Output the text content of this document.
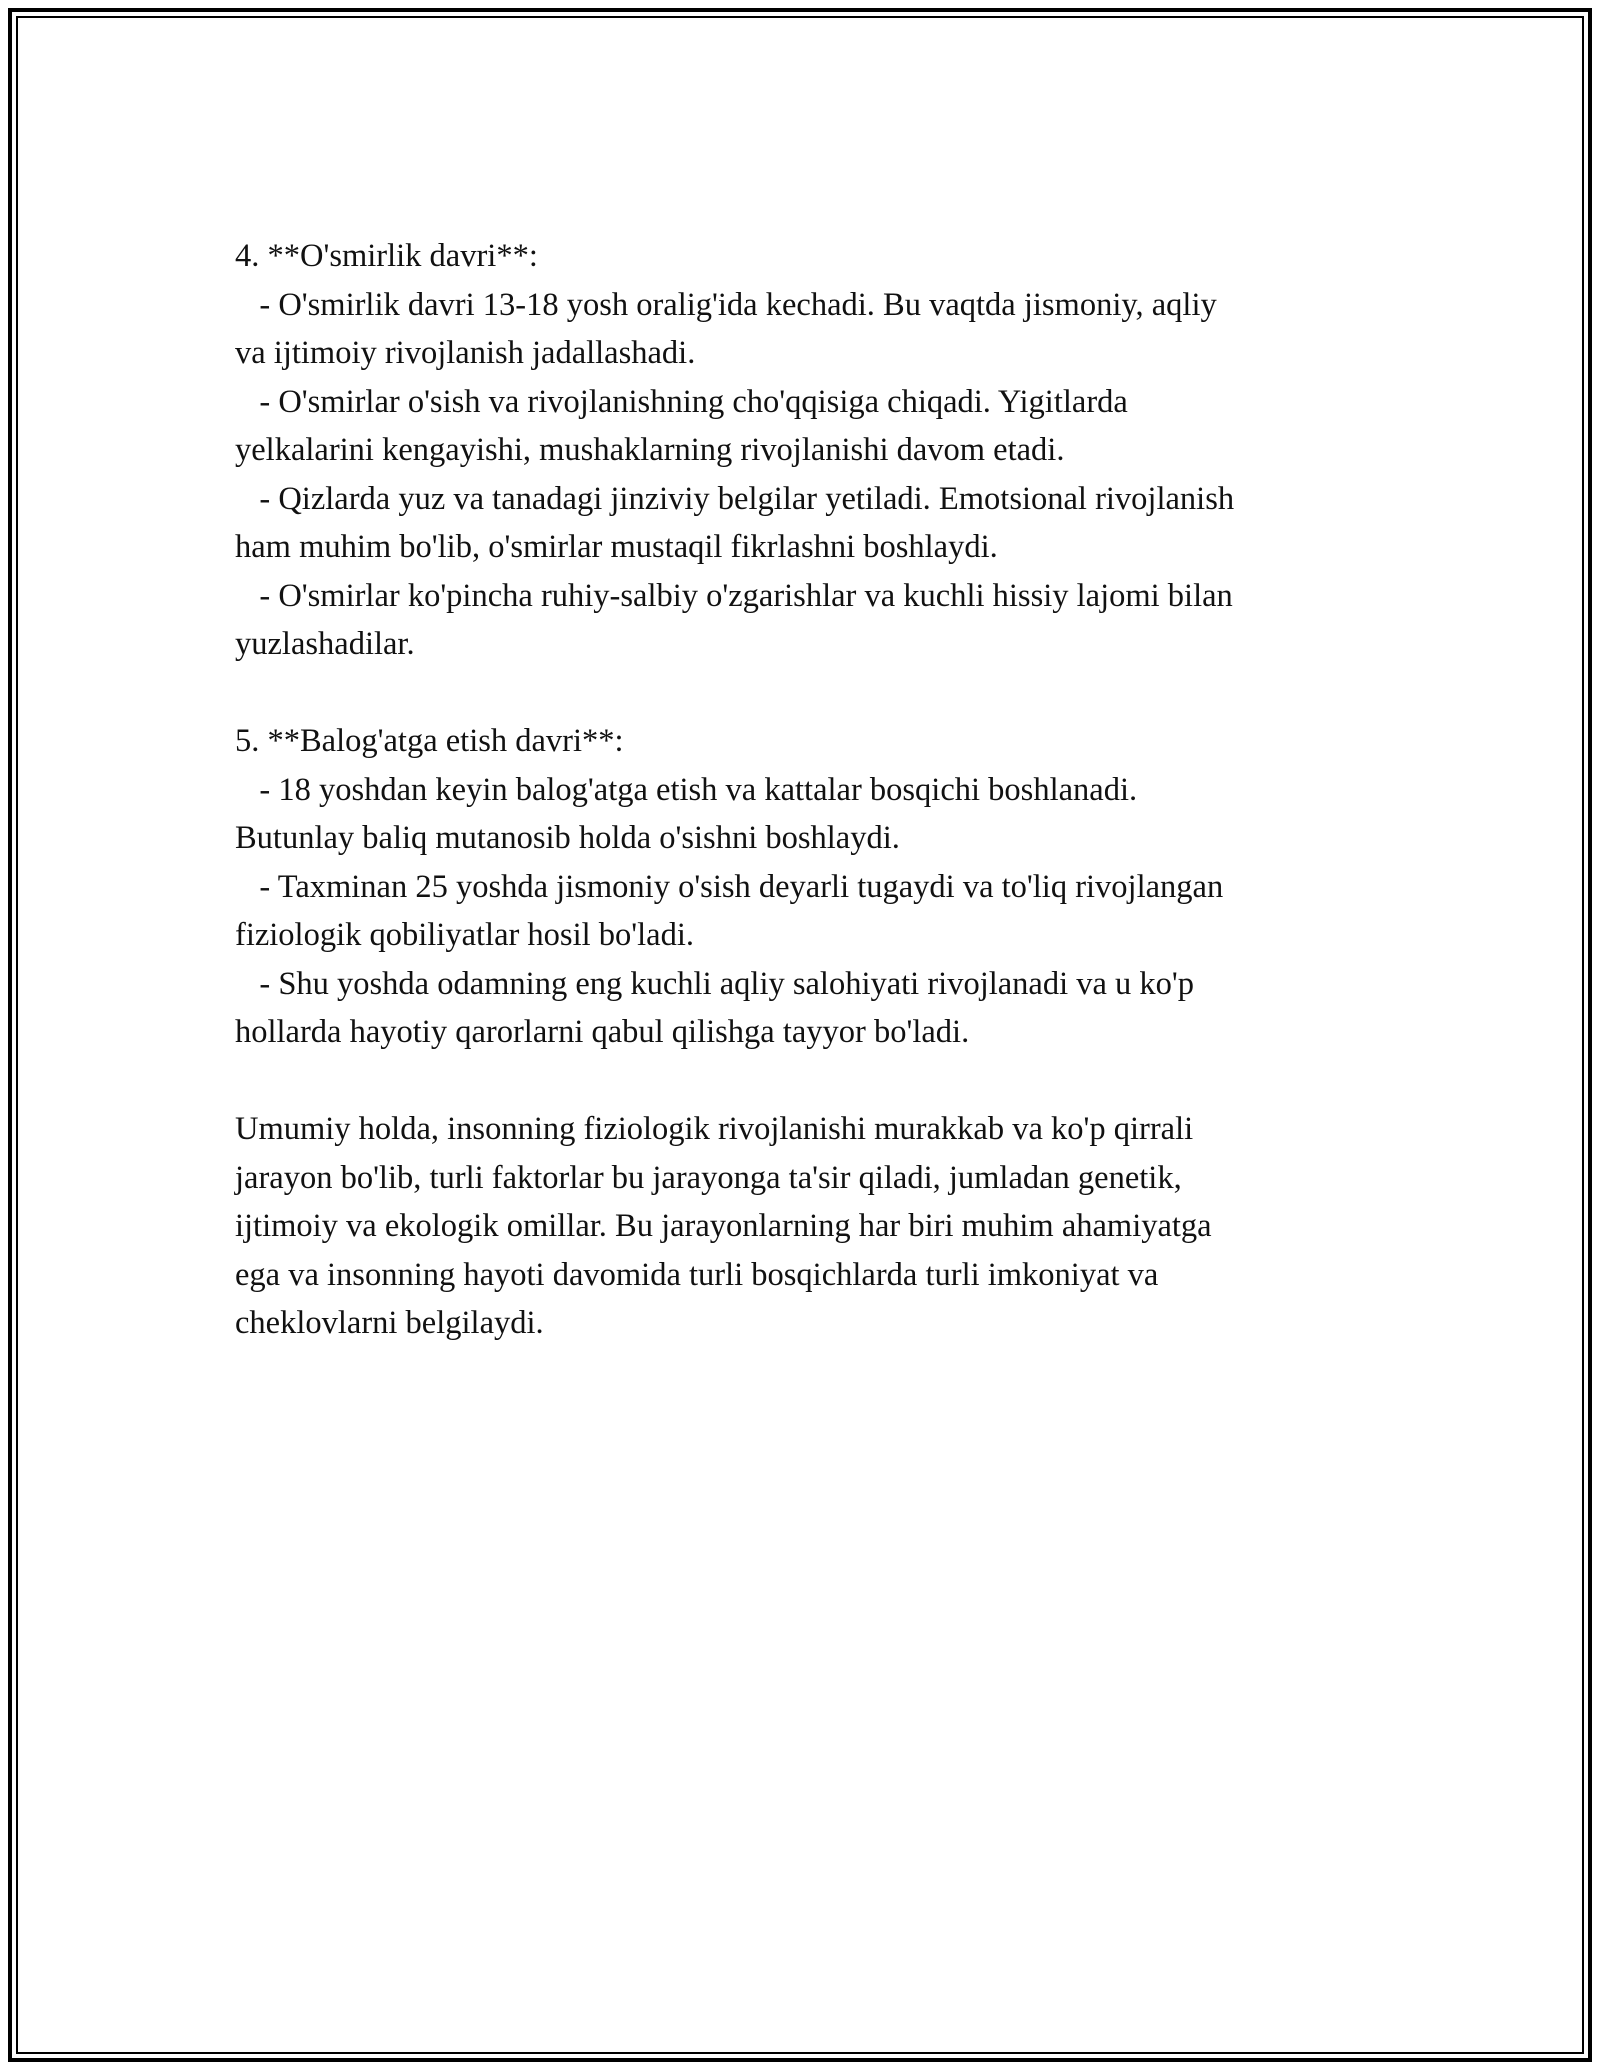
4. **O'smirlik davri**:
- O'smirlik davri 13-18 yosh oralig'ida kechadi. Bu vaqtda jismoniy, aqliy
va ijtimoiy rivojlanish jadallashadi.
- O'smirlar o'sish va rivojlanishning cho'qqisiga chiqadi. Yigitlarda
yelkalarini kengayishi, mushaklarning rivojlanishi davom etadi.
- Qizlarda yuz va tanadagi jinziviy belgilar yetiladi. Emotsional rivojlanish
ham muhim bo'lib, o'smirlar mustaqil fikrlashni boshlaydi.
- O'smirlar ko'pincha ruhiy-salbiy o'zgarishlar va kuchli hissiy lajomi bilan
yuzlashadilar.
5. **Balog'atga etish davri**:
- 18 yoshdan keyin balog'atga etish va kattalar bosqichi boshlanadi.
Butunlay baliq mutanosib holda o'sishni boshlaydi.
- Taxminan 25 yoshda jismoniy o'sish deyarli tugaydi va to'liq rivojlangan
fiziologik qobiliyatlar hosil bo'ladi.
- Shu yoshda odamning eng kuchli aqliy salohiyati rivojlanadi va u ko'p
hollarda hayotiy qarorlarni qabul qilishga tayyor bo'ladi.
Umumiy holda, insonning fiziologik rivojlanishi murakkab va ko'p qirrali
jarayon bo'lib, turli faktorlar bu jarayonga ta'sir qiladi, jumladan genetik,
ijtimoiy va ekologik omillar. Bu jarayonlarning har biri muhim ahamiyatga
ega va insonning hayoti davomida turli bosqichlarda turli imkoniyat va
cheklovlarni belgilaydi.
